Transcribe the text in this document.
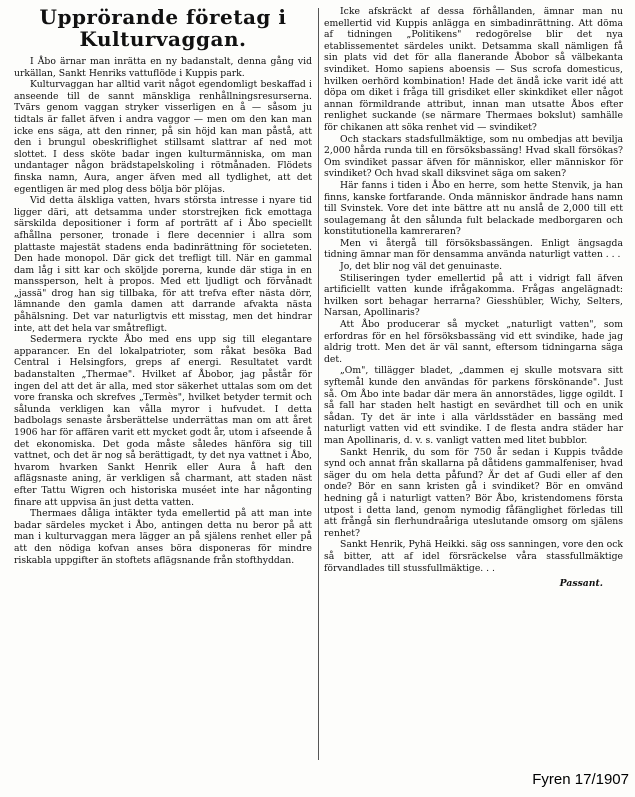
Upprörande företag i Kulturvaggan.

I Åbo ärnar man inrätta en ny badanstalt, denna gång vid urkällan, Sankt Henriks vattuflöde i Kuppis park.

Kulturvaggan har alltid varit något egendomligt beskaffad i anseende till de sannt mänskliga renhållningsresurserna. Tvärs genom vaggan stryker visserligen en å — såsom ju tidtals är fallet äfven i andra vaggor — men om den kan man icke ens säga, att den rinner, på sin höjd kan man påstå, att den i brungul obeskriflighet stillsamt slattrar af ned mot slottet. I dess sköte badar ingen kulturmänniska, om man undantager någon brädstapelskoling i rötmånaden. Flödets finska namn, Aura, anger äfven med all tydlighet, att det egentligen är med plog dess bölja bör plöjas.

Vid detta älskliga vatten, hvars största intresse i nyare tid ligger däri, att detsamma under storstrejken fick emottaga särskilda depositioner i form af porträtt af i Åbo speciellt afhållna personer, tronade i flere decennier i allra som plattaste majestät stadens enda badinrättning för societeten. Den hade monopol. Där gick det trefligt till. När en gammal dam låg i sitt kar och sköljde porerna, kunde där stiga in en manssperson, helt à propos. Med ett ljudligt och förvånadt „jassä" drog han sig tillbaka, för att trefva efter nästa dörr, lämnande den gamla damen att darrande afvakta nästa påhälsning. Det var naturligtvis ett misstag, men det hindrar inte, att det hela var småtrefligt.

Sedermera ryckte Åbo med ens upp sig till elegantare apparancer. En del lokalpatrioter, som råkat besöka Bad Central i Helsingfors, greps af energi. Resultatet vardt badanstalten „Thermae". Hvilket af Åbobor, jag påstår för ingen del att det är alla, med stor säkerhet uttalas som om det vore franska och skrefves „Termès", hvilket betyder termit och sålunda verkligen kan vålla myror i hufvudet. I detta badbolags senaste årsberättelse underrättas man om att året 1906 har för affären varit ett mycket godt år, utom i afseende å det ekonomiska. Det goda måste således hänföra sig till vattnet, och det är nog så berättigadt, ty det nya vattnet i Åbo, hvarom hvarken Sankt Henrik eller Aura å haft den aflägsnaste aning, är verkligen så charmant, att staden näst efter Tattu Wigren och historiska muséet inte har någonting finare att uppvisa än just detta vatten.

Thermaes dåliga intäkter tyda emellertid på att man inte badar särdeles mycket i Åbo, antingen detta nu beror på att man i kulturvaggan mera lägger an på själens renhet eller på att den nödiga kofvan anses böra disponeras för mindre riskabla uppgifter än stoftets aflägsnande från stofthyddan.

Icke afskräckt af dessa förhållanden, ämnar man nu emellertid vid Kuppis anlägga en simbadinrättning. Att döma af tidningen „Politikens" redogörelse blir det nya etablissementet särdeles unikt. Detsamma skall nämligen få sin plats vid det för alla flanerande Åbobor så välbekanta svindiket. Homo sapiens aboensis — Sus scrofa domesticus, hvilken oerhörd kombination! Hade det ändå icke varit idé att döpa om diket i fråga till grisdiket eller skinkdiket eller något annan förmildrande attribut, innan man utsatte Åbos efter renlighet suckande (se närmare Thermaes bokslut) samhälle för chikanen att söka renhet vid — svindiket?

Och stackars stadsfullmäktige, som nu ombedjas att bevilja 2,000 hårda runda till en försöksbassäng! Hvad skall försökas? Om svindiket passar äfven för människor, eller människor för svindiket? Och hvad skall diksvinet säga om saken?

Här fanns i tiden i Åbo en herre, som hette Stenvik, ja han finns, kanske fortfarande. Onda människor ändrade hans namn till Svinstek. Vore det inte bättre att nu anslå de 2,000 till ett soulagemang åt den sålunda fult belackade medborgaren och konstitutionella kamreraren?

Men vi återgå till försöksbassängen. Enligt ängsagda tidning ämnar man för densamma använda naturligt vatten . . .

Jo, det blir nog väl det genuinaste.

Stiliseringen tyder emellertid på att i vidrigt fall äfven artificiellt vatten kunde ifrågakomma. Frågas angelägnadt: hvilken sort behagar herrarna? Giesshübler, Wichy, Selters, Narsan, Apollinaris?

Att Åbo producerar så mycket „naturligt vatten", som erfordras för en hel försöksbassäng vid ett svindike, hade jag aldrig trott. Men det är väl sannt, eftersom tidningarna säga det.

„Om", tillägger bladet, „dammen ej skulle motsvara sitt syftemål kunde den användas för parkens förskönande". Just så. Om Åbo inte badar där mera än annorstädes, ligge ogildt. I så fall har staden helt hastigt en sevärdhet till och en unik sådan. Ty det är inte i alla världsstäder en bassäng med naturligt vatten vid ett svindike. I de flesta andra städer har man Apollinaris, d. v. s. vanligt vatten med litet bubblor.

Sankt Henrik, du som för 750 år sedan i Kuppis tvådde synd och annat från skallarna på dåtidens gammalfeniser, hvad säger du om hela detta påfund? Är det af Gudi eller af den onde? Bör en sann kristen gå i svindiket? Bör en omvänd hedning gå i naturligt vatten? Bör Åbo, kristendomens första utpost i detta land, genom nymodig fåfänglighet förledas till att frångå sin flerhundraåriga uteslutande omsorg om själens renhet?

Sankt Henrik, Pyhä Heikki. säg oss sanningen, vore den ock så bitter, att af idel försräckelse våra stassfullmäktige förvandlades till stussfullmäktige. . .

Passant.
Fyren 17/1907
